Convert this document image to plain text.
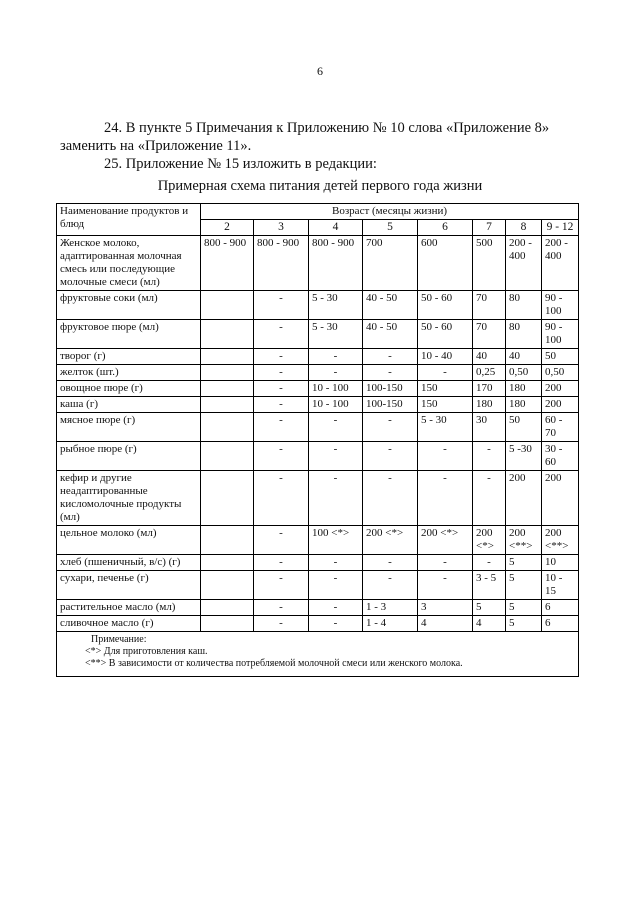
6
24. В пункте 5 Примечания к Приложению № 10 слова «Приложение 8»
заменить на «Приложение 11».
25. Приложение № 15 изложить в редакции:
Примерная схема питания детей первого года жизни
Наименование продуктов и блюд	Возраст (месяцы жизни)							
	2	3	4	5	6	7	8	9 - 12
Женское молоко, адаптированная молочная смесь или последующие молочные смеси (мл)	800 - 900	800 - 900	800 - 900	700	600	500	200 - 400	200 - 400
фруктовые соки (мл)		-	5 - 30	40 - 50	50 - 60	70	80	90 - 100
фруктовое пюре (мл)		-	5 - 30	40 - 50	50 - 60	70	80	90 - 100
творог (г)		-	-	-	10 - 40	40	40	50
желток (шт.)		-	-	-	-	0,25	0,50	0,50
овощное пюре (г)		-	10 - 100	100-150	150	170	180	200
каша (г)		-	10 - 100	100-150	150	180	180	200
мясное пюре (г)		-	-	-	5 - 30	30	50	60 - 70
рыбное пюре (г)		-	-	-	-	-	5 -30	30 - 60
кефир и другие неадаптированные кисломолочные продукты (мл)		-	-	-	-	-	200	200
цельное молоко (мл)		-	100 <*>	200 <*>	200 <*>	200 <*>	200 <**>	200 <**>
хлеб (пшеничный, в/с) (г)		-	-	-	-	-	5	10
сухари, печенье (г)		-	-	-	-	3 - 5	5	10 - 15
растительное масло (мл)		-	-	1 - 3	3	5	5	6
сливочное масло (г)		-	-	1 - 4	4	4	5	6

Примечание:
<*> Для приготовления каш.
<**> В зависимости от количества потребляемой молочной смеси или женского молока.								
